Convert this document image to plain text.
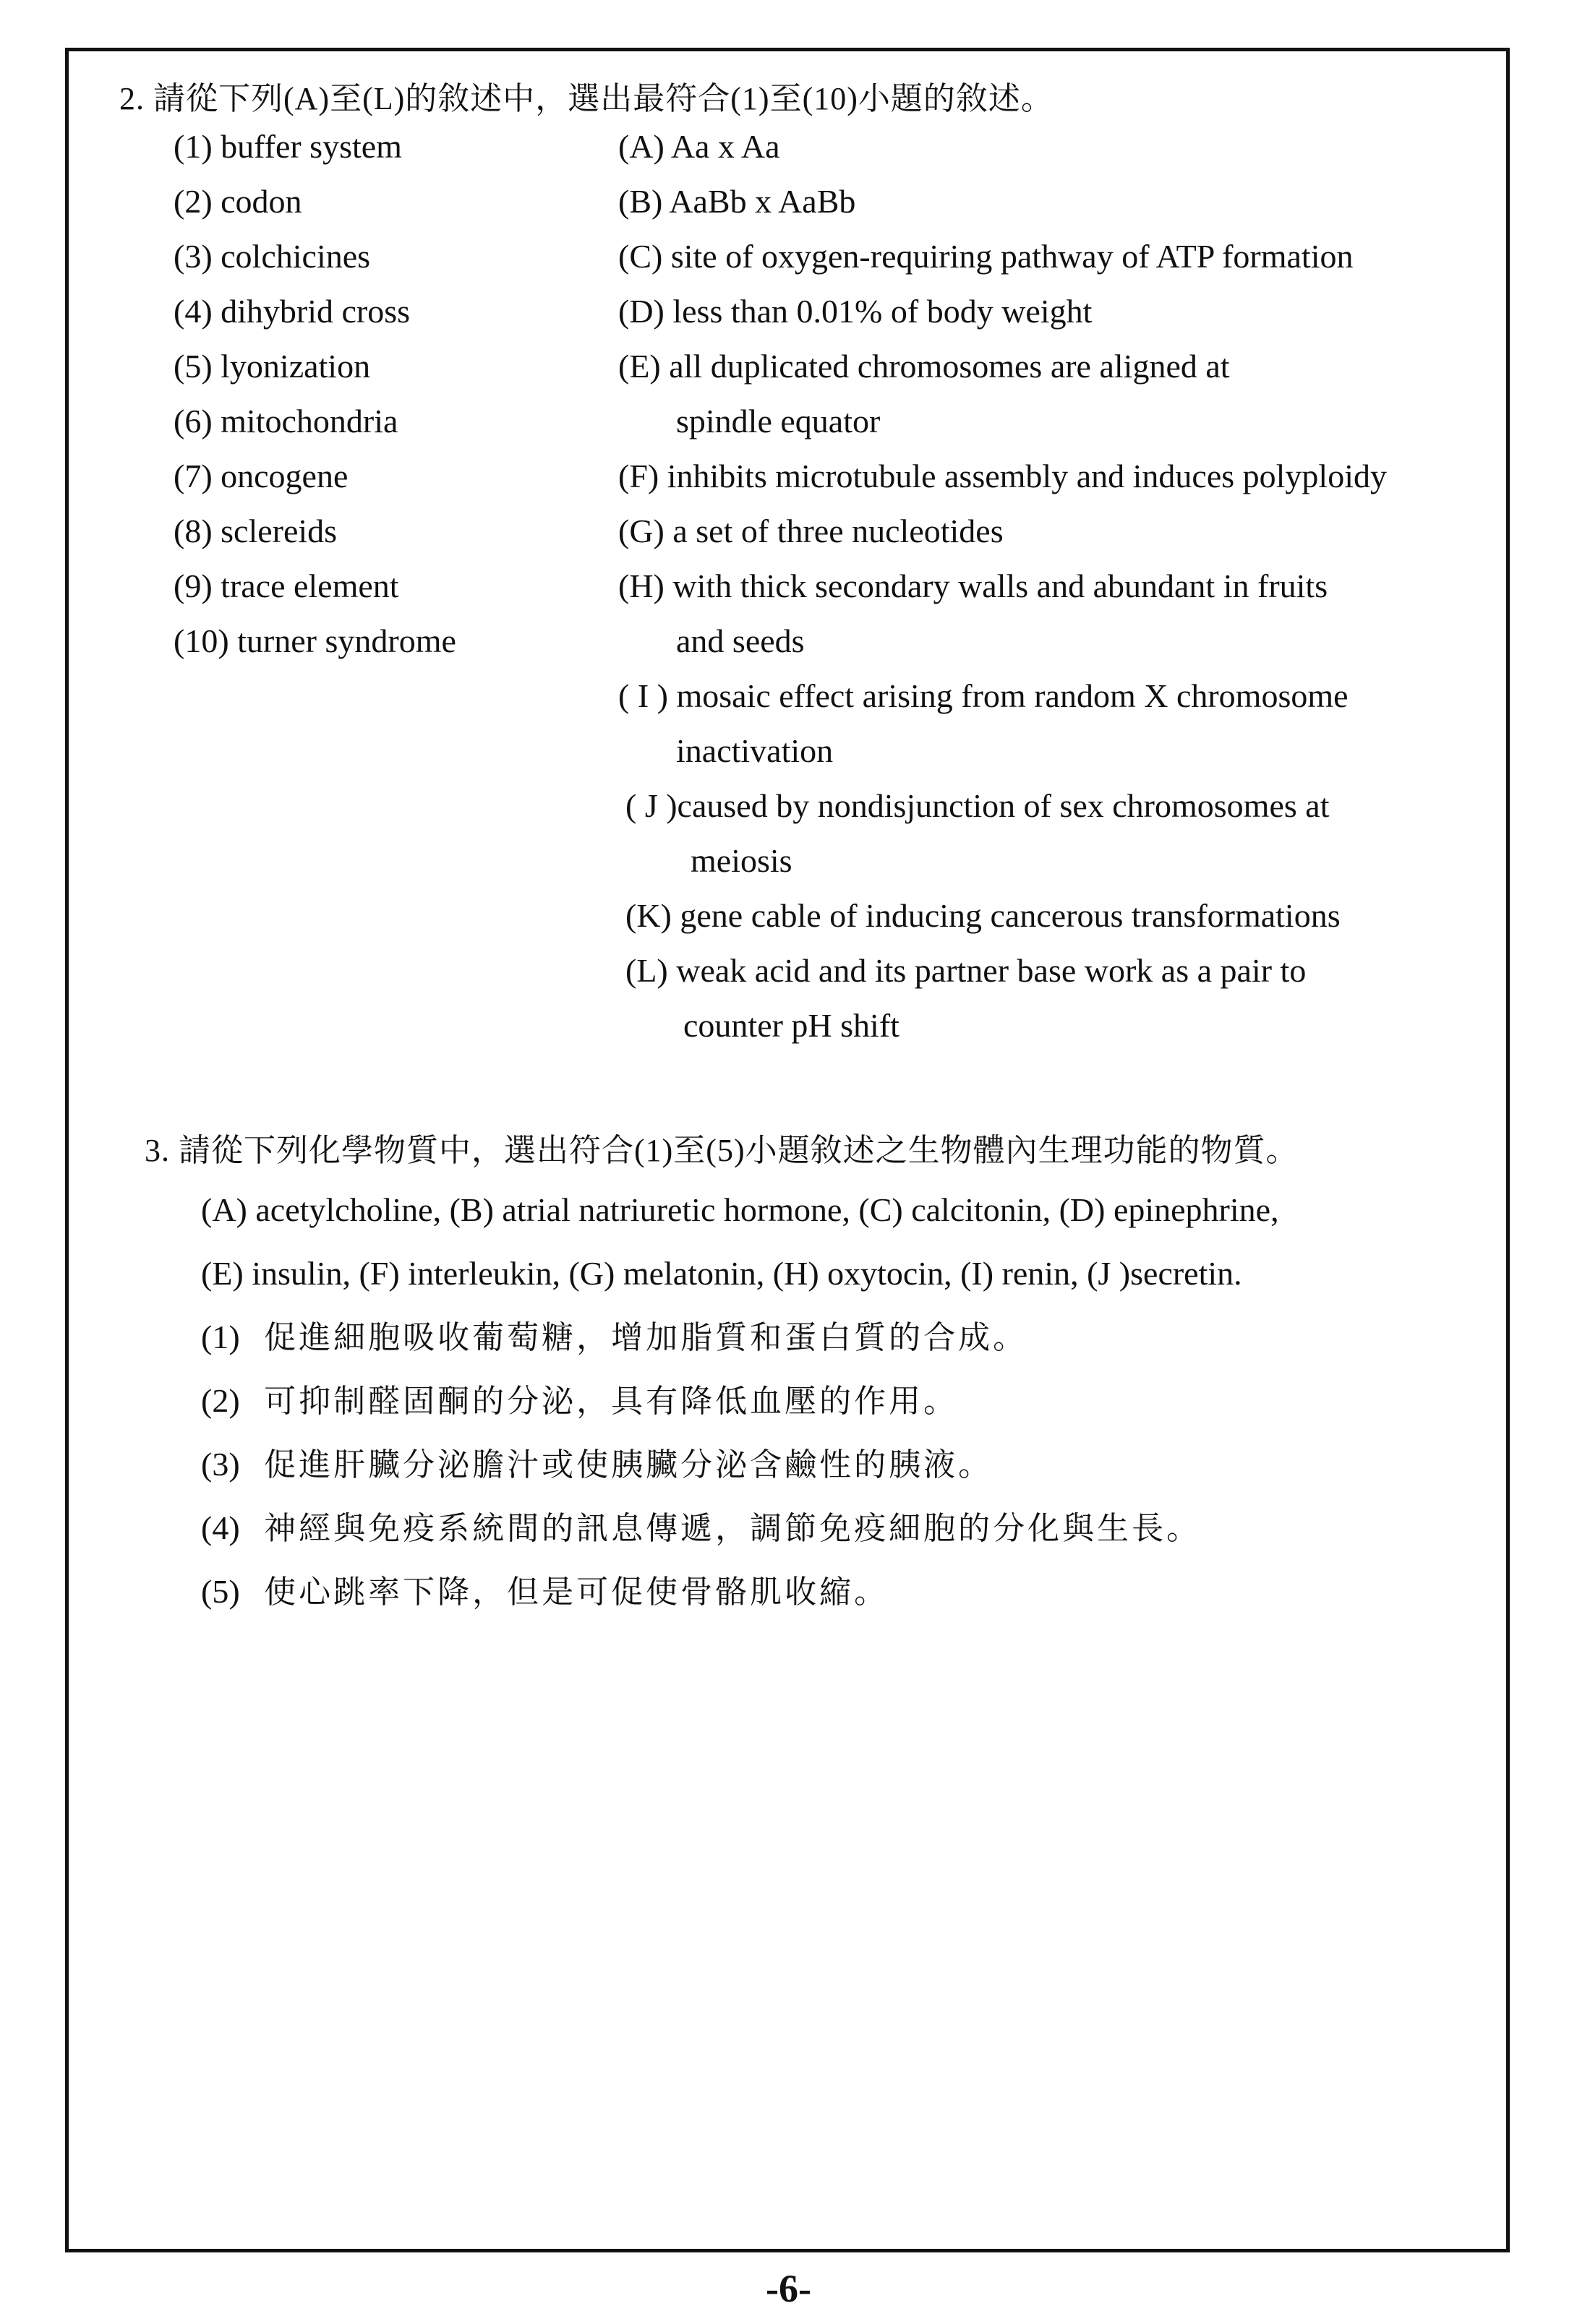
2. 請從下列(A)至(L)的敘述中，選出最符合(1)至(10)小題的敘述。
(1) buffer system
(2) codon
(3) colchicines
(4) dihybrid cross
(5) lyonization
(6) mitochondria
(7) oncogene
(8) sclereids
(9) trace element
(10) turner syndrome
(A) Aa x Aa
(B) AaBb x AaBb
(C) site of oxygen-requiring pathway of ATP formation
(D) less than 0.01% of body weight
(E) all duplicated chromosomes are aligned at
spindle equator
(F) inhibits microtubule assembly and induces polyploidy
(G) a set of three nucleotides
(H) with thick secondary walls and abundant in fruits
and seeds
( I ) mosaic effect arising from random X chromosome
inactivation
( J )caused by nondisjunction of sex chromosomes at
meiosis
(K) gene cable of inducing cancerous transformations
(L) weak acid and its partner base work as a pair to
counter pH shift
3. 請從下列化學物質中，選出符合(1)至(5)小題敘述之生物體內生理功能的物質。
(A) acetylcholine, (B) atrial natriuretic hormone, (C) calcitonin, (D) epinephrine,
(E) insulin, (F) interleukin, (G) melatonin, (H) oxytocin, (I) renin, (J )secretin.
(1) 促進細胞吸收葡萄糖，增加脂質和蛋白質的合成。
(2) 可抑制醛固酮的分泌，具有降低血壓的作用。
(3) 促進肝臟分泌膽汁或使胰臟分泌含鹼性的胰液。
(4) 神經與免疫系統間的訊息傳遞，調節免疫細胞的分化與生長。
(5) 使心跳率下降，但是可促使骨骼肌收縮。
-6-
